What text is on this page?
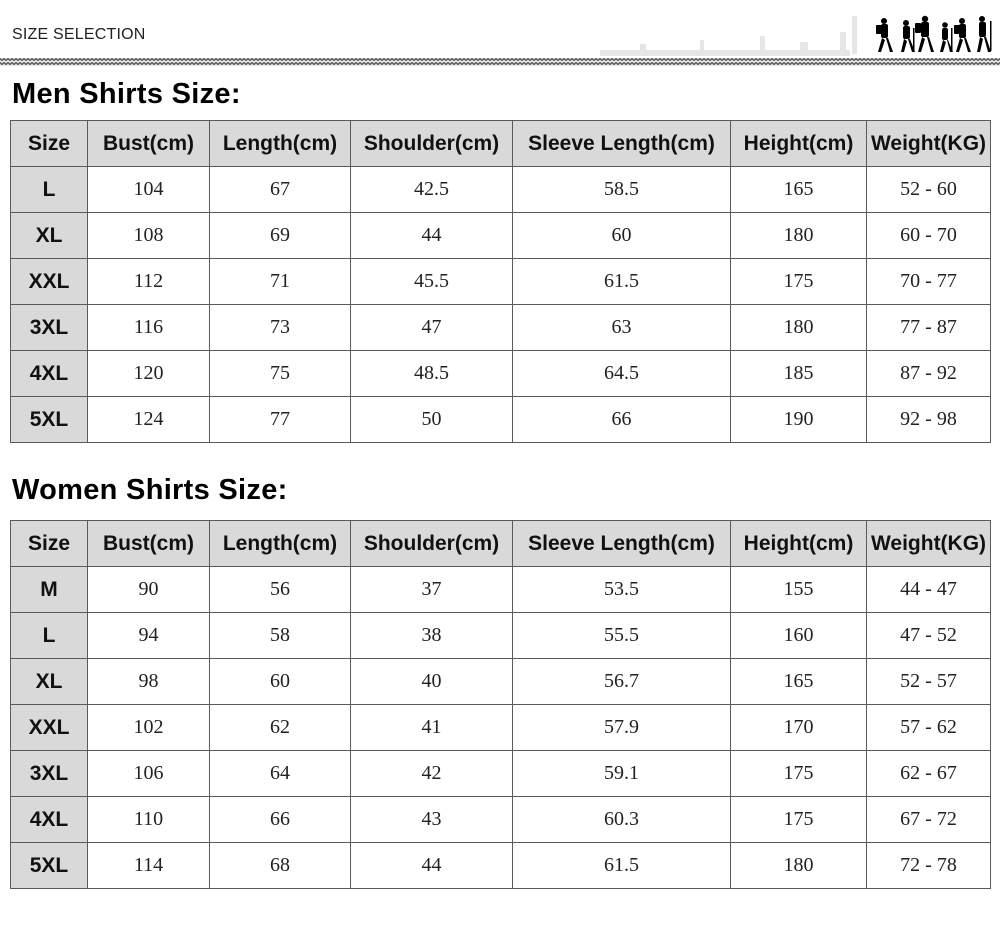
SIZE SELECTION
Men Shirts Size:
Size	Bust(cm)	Length(cm)	Shoulder(cm)	Sleeve Length(cm)	Height(cm)	Weight(KG)
L	104	67	42.5	58.5	165	52 - 60
XL	108	69	44	60	180	60 - 70
XXL	112	71	45.5	61.5	175	70 - 77
3XL	116	73	47	63	180	77 - 87
4XL	120	75	48.5	64.5	185	87 - 92
5XL	124	77	50	66	190	92 - 98
Women Shirts Size:
Size	Bust(cm)	Length(cm)	Shoulder(cm)	Sleeve Length(cm)	Height(cm)	Weight(KG)
M	90	56	37	53.5	155	44 - 47
L	94	58	38	55.5	160	47 - 52
XL	98	60	40	56.7	165	52 - 57
XXL	102	62	41	57.9	170	57 - 62
3XL	106	64	42	59.1	175	62 - 67
4XL	110	66	43	60.3	175	67 - 72
5XL	114	68	44	61.5	180	72 - 78
